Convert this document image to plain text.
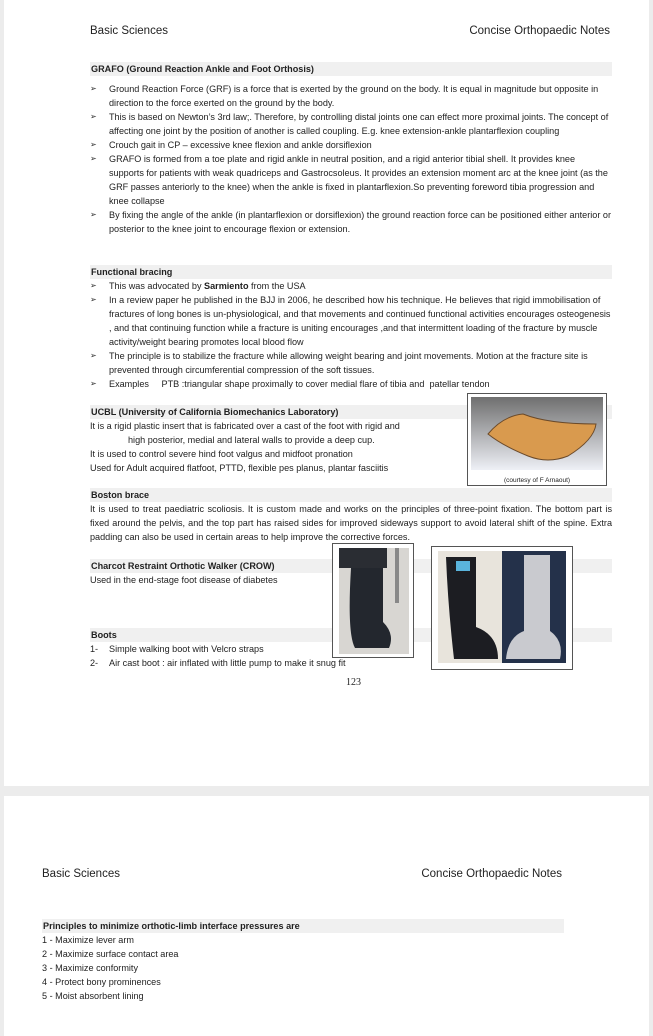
Basic Sciences	Concise Orthopaedic Notes
GRAFO (Ground Reaction Ankle and Foot Orthosis)
➢ Ground Reaction Force (GRF) is a force that is exerted by the ground on the body. It is equal in magnitude but opposite in direction to the force exerted on the ground by the body.
➢ This is based on Newton’s 3rd law;. Therefore, by controlling distal joints one can effect more proximal joints. The concept of affecting one joint by the position of another is called coupling. E.g. knee extension-ankle plantarflexion coupling
➢ Crouch gait in CP – excessive knee flexion and ankle dorsiflexion
➢ GRAFO is formed from a toe plate and rigid ankle in neutral position, and a rigid anterior tibial shell. It provides knee supports for patients with weak quadriceps and Gastrocsoleus. It provides an extension moment arc at the knee joint (as the GRF passes anteriorly to the knee) when the ankle is fixed in plantarflexion.So preventing foreword tibia progression and knee collapse
➢ By fixing the angle of the ankle (in plantarflexion or dorsiflexion) the ground reaction force can be positioned either anterior or posterior to the knee joint to encourage flexion or extension.
Functional bracing
➢ This was advocated by Sarmiento from the USA
➢ In a review paper he published in the BJJ in 2006, he described how his technique. He believes that rigid immobilisation of fractures of long bones is un-physiological, and that movements and continued functional activities encourages osteogenesis , and that continuing function while a fracture is uniting encourages ,and that intermittent loading of the fracture by muscle activity/weight bearing promotes local blood flow
➢ The principle is to stabilize the fracture while allowing weight bearing and joint movements. Motion at the fracture site is prevented through circumferential compression of the soft tissues.
➢ Examples     PTB :triangular shape proximally to cover medial flare of tibia and  patellar tendon
UCBL (University of California Biomechanics Laboratory)
It is a rigid plastic insert that is fabricated over a cast of the foot with rigid and
high posterior, medial and lateral walls to provide a deep cup.
It is used to control severe hind foot valgus and midfoot pronation
Used for Adult acquired flatfoot, PTTD, flexible pes planus, plantar fasciitis
(courtesy of F Arnaout)
Boston brace
It is used to treat paediatric scoliosis. It is custom made and works on the principles of three-point fixation. The bottom part is fixed around the pelvis, and the top part has raised sides for improved sideways support to avoid lateral shift of the spine. Extra padding can also be used in certain areas to help improve the corrective forces.
Charcot Restraint Orthotic Walker (CROW)
Used in the end-stage foot disease of diabetes
Boots
1- Simple walking boot with Velcro straps
2- Air cast boot : air inflated with little pump to make it snug fit
123
Basic Sciences	Concise Orthopaedic Notes
Principles to minimize orthotic-limb interface pressures are
1 - Maximize lever arm
2 - Maximize surface contact area
3 - Maximize conformity
4 - Protect bony prominences
5 - Moist absorbent lining
